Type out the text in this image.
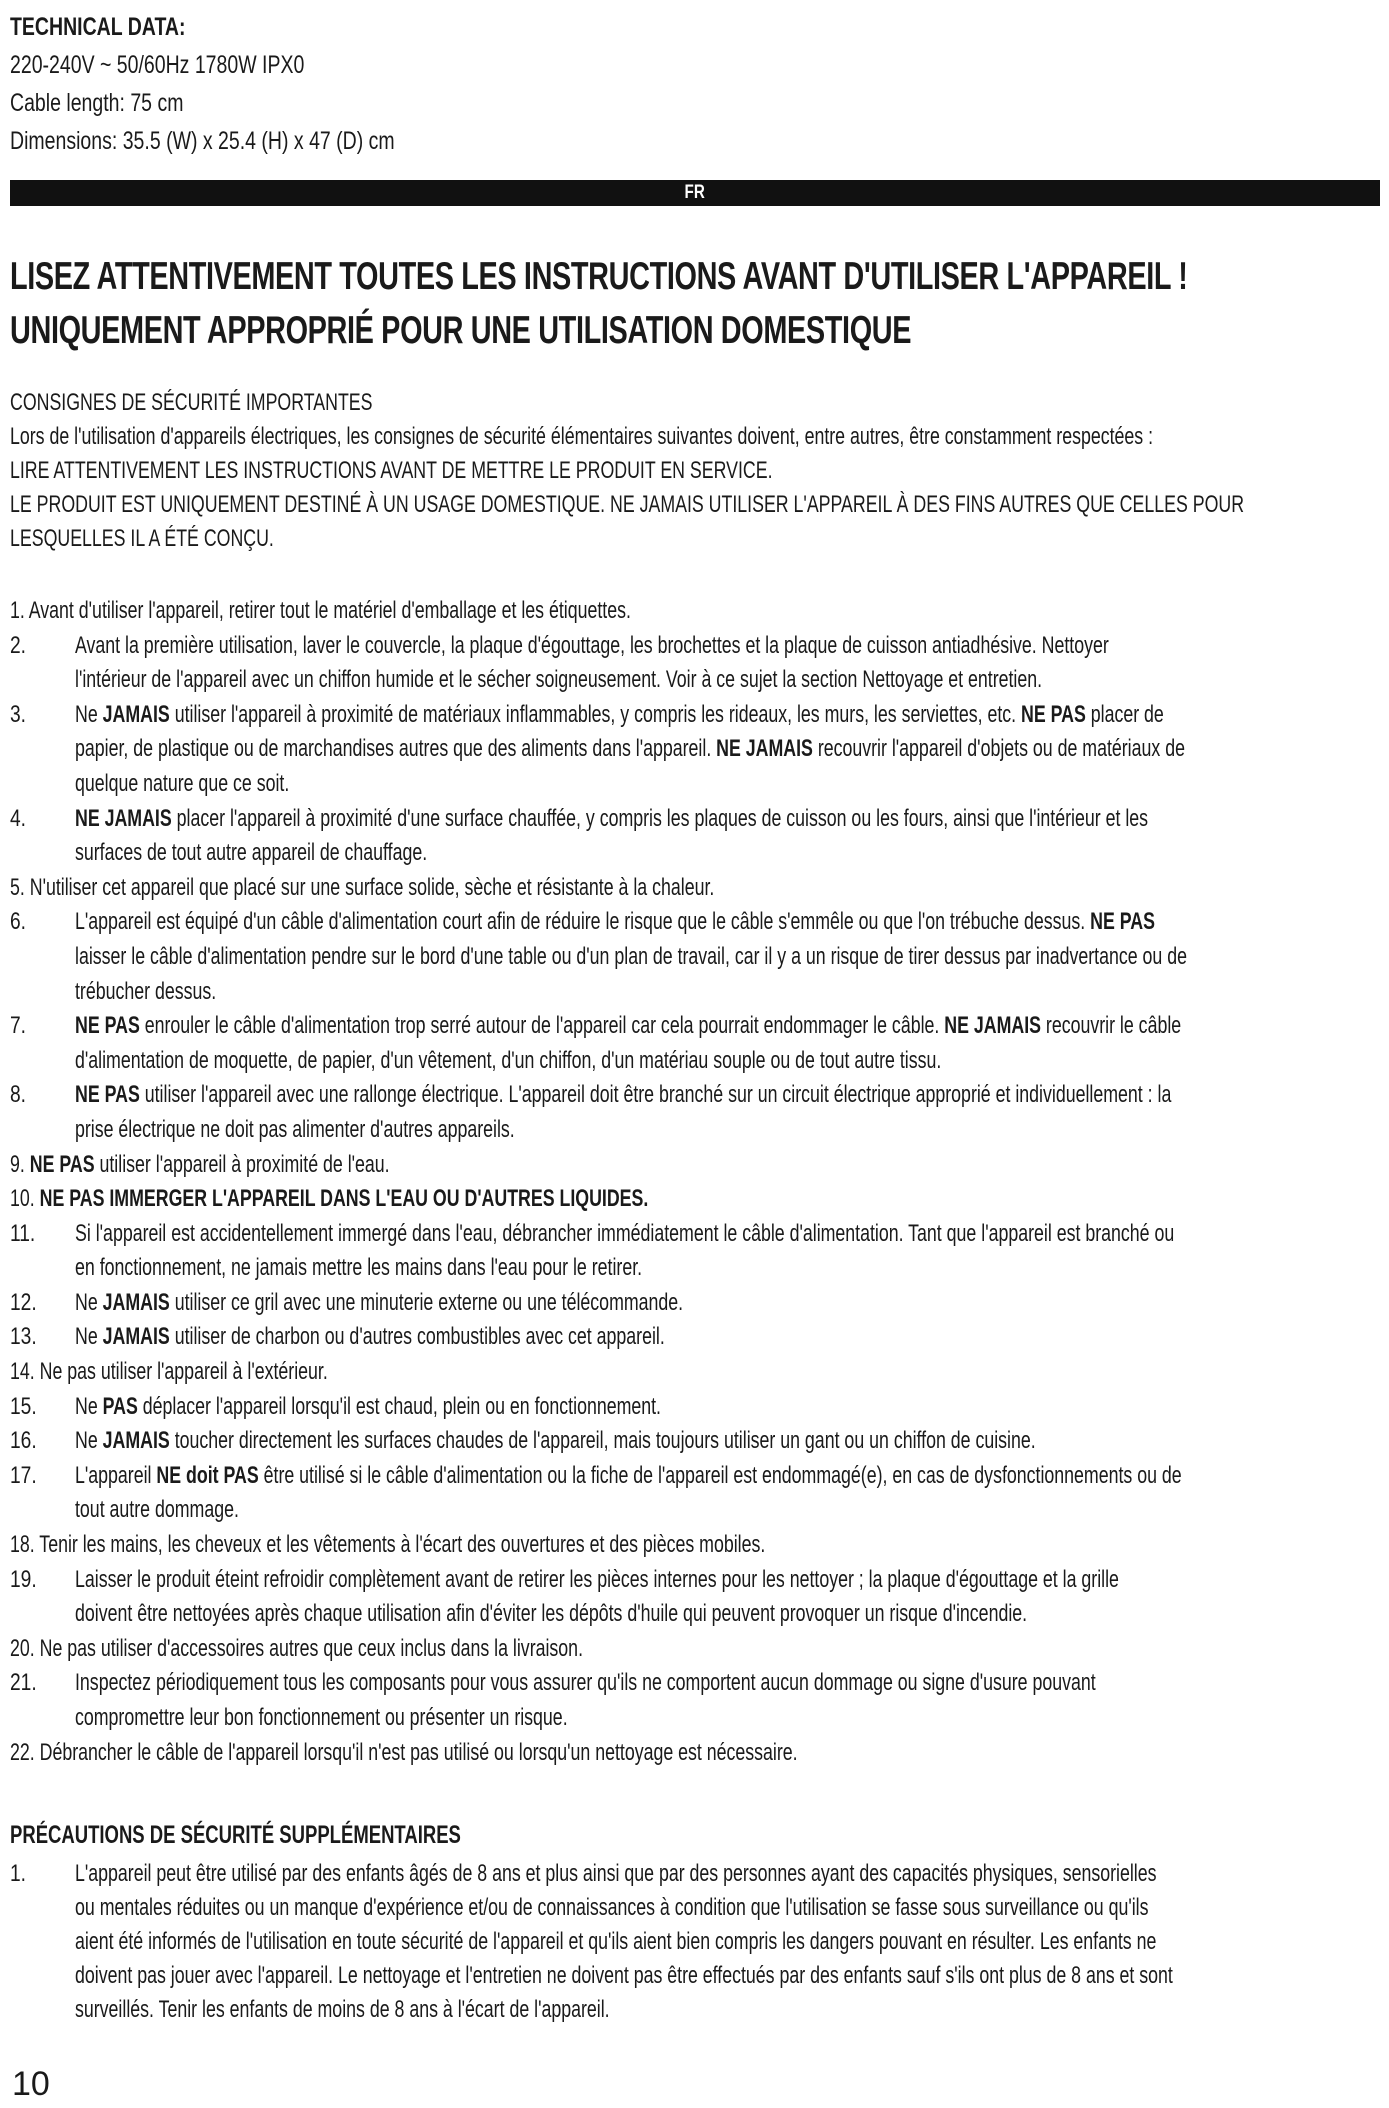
TECHNICAL DATA:
220-240V ~ 50/60Hz 1780W IPX0
Cable length: 75 cm
Dimensions: 35.5 (W) x 25.4 (H) x 47 (D) cm
FR
LISEZ ATTENTIVEMENT TOUTES LES INSTRUCTIONS AVANT D'UTILISER L'APPAREIL !
UNIQUEMENT APPROPRIÉ POUR UNE UTILISATION DOMESTIQUE
CONSIGNES DE SÉCURITÉ IMPORTANTES
Lors de l'utilisation d'appareils électriques, les consignes de sécurité élémentaires suivantes doivent, entre autres, être constamment respectées :
LIRE ATTENTIVEMENT LES INSTRUCTIONS AVANT DE METTRE LE PRODUIT EN SERVICE.
LE PRODUIT EST UNIQUEMENT DESTINÉ À UN USAGE DOMESTIQUE. NE JAMAIS UTILISER L'APPAREIL À DES FINS AUTRES QUE CELLES POUR
LESQUELLES IL A ÉTÉ CONÇU.
1. Avant d'utiliser l'appareil, retirer tout le matériel d'emballage et les étiquettes.
2. Avant la première utilisation, laver le couvercle, la plaque d'égouttage, les brochettes et la plaque de cuisson antiadhésive. Nettoyer
l'intérieur de l'appareil avec un chiffon humide et le sécher soigneusement. Voir à ce sujet la section Nettoyage et entretien.
3. Ne JAMAIS utiliser l'appareil à proximité de matériaux inflammables, y compris les rideaux, les murs, les serviettes, etc. NE PAS placer de
papier, de plastique ou de marchandises autres que des aliments dans l'appareil. NE JAMAIS recouvrir l'appareil d'objets ou de matériaux de
quelque nature que ce soit.
4. NE JAMAIS placer l'appareil à proximité d'une surface chauffée, y compris les plaques de cuisson ou les fours, ainsi que l'intérieur et les
surfaces de tout autre appareil de chauffage.
5. N'utiliser cet appareil que placé sur une surface solide, sèche et résistante à la chaleur.
6. L'appareil est équipé d'un câble d'alimentation court afin de réduire le risque que le câble s'emmêle ou que l'on trébuche dessus. NE PAS
laisser le câble d'alimentation pendre sur le bord d'une table ou d'un plan de travail, car il y a un risque de tirer dessus par inadvertance ou de
trébucher dessus.
7. NE PAS enrouler le câble d'alimentation trop serré autour de l'appareil car cela pourrait endommager le câble. NE JAMAIS recouvrir le câble
d'alimentation de moquette, de papier, d'un vêtement, d'un chiffon, d'un matériau souple ou de tout autre tissu.
8. NE PAS utiliser l'appareil avec une rallonge électrique. L'appareil doit être branché sur un circuit électrique approprié et individuellement : la
prise électrique ne doit pas alimenter d'autres appareils.
9. NE PAS utiliser l'appareil à proximité de l'eau.
10. NE PAS IMMERGER L'APPAREIL DANS L'EAU OU D'AUTRES LIQUIDES.
11. Si l'appareil est accidentellement immergé dans l'eau, débrancher immédiatement le câble d'alimentation. Tant que l'appareil est branché ou
en fonctionnement, ne jamais mettre les mains dans l'eau pour le retirer.
12. Ne JAMAIS utiliser ce gril avec une minuterie externe ou une télécommande.
13. Ne JAMAIS utiliser de charbon ou d'autres combustibles avec cet appareil.
14. Ne pas utiliser l'appareil à l'extérieur.
15. Ne PAS déplacer l'appareil lorsqu'il est chaud, plein ou en fonctionnement.
16. Ne JAMAIS toucher directement les surfaces chaudes de l'appareil, mais toujours utiliser un gant ou un chiffon de cuisine.
17. L'appareil NE doit PAS être utilisé si le câble d'alimentation ou la fiche de l'appareil est endommagé(e), en cas de dysfonctionnements ou de
tout autre dommage.
18. Tenir les mains, les cheveux et les vêtements à l'écart des ouvertures et des pièces mobiles.
19. Laisser le produit éteint refroidir complètement avant de retirer les pièces internes pour les nettoyer ; la plaque d'égouttage et la grille
doivent être nettoyées après chaque utilisation afin d'éviter les dépôts d'huile qui peuvent provoquer un risque d'incendie.
20. Ne pas utiliser d'accessoires autres que ceux inclus dans la livraison.
21. Inspectez périodiquement tous les composants pour vous assurer qu'ils ne comportent aucun dommage ou signe d'usure pouvant
compromettre leur bon fonctionnement ou présenter un risque.
22. Débrancher le câble de l'appareil lorsqu'il n'est pas utilisé ou lorsqu'un nettoyage est nécessaire.
PRÉCAUTIONS DE SÉCURITÉ SUPPLÉMENTAIRES
1. L'appareil peut être utilisé par des enfants âgés de 8 ans et plus ainsi que par des personnes ayant des capacités physiques, sensorielles
ou mentales réduites ou un manque d'expérience et/ou de connaissances à condition que l'utilisation se fasse sous surveillance ou qu'ils
aient été informés de l'utilisation en toute sécurité de l'appareil et qu'ils aient bien compris les dangers pouvant en résulter. Les enfants ne
doivent pas jouer avec l'appareil. Le nettoyage et l'entretien ne doivent pas être effectués par des enfants sauf s'ils ont plus de 8 ans et sont
surveillés. Tenir les enfants de moins de 8 ans à l'écart de l'appareil.
10
